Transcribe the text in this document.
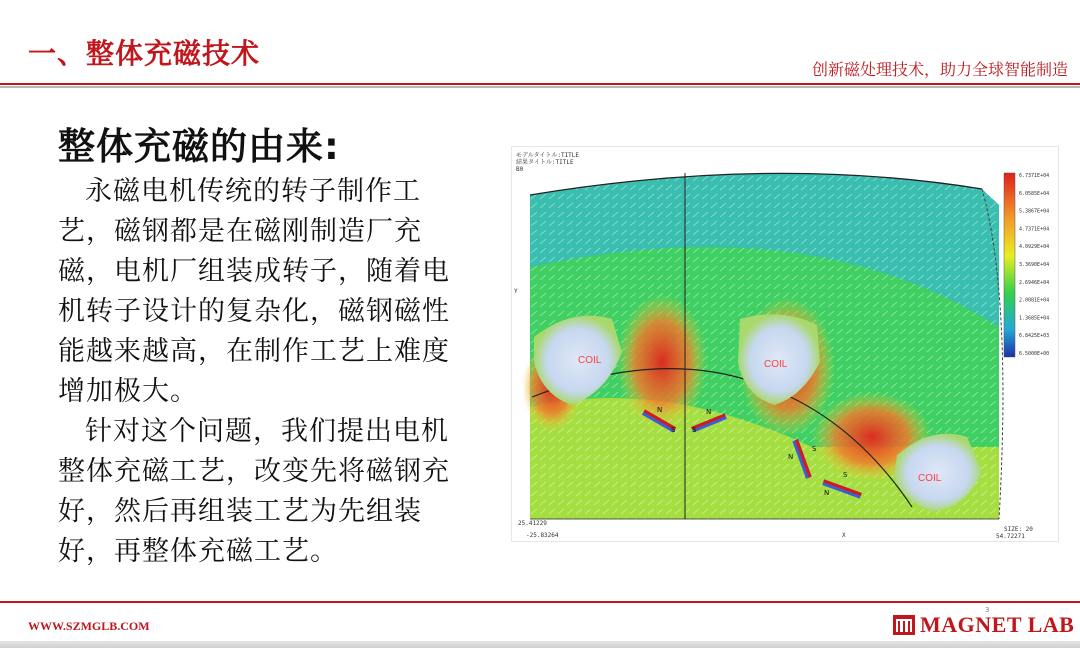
一、整体充磁技术	创新磁处理技术，助力全球智能制造
整体充磁的由来:

永磁电机传统的转子制作工艺，磁钢都是在磁刚制造厂充磁，电机厂组装成转子，随着电机转子设计的复杂化，磁钢磁性能越来越高，在制作工艺上难度增加极大。

针对这个问题，我们提出电机整体充磁工艺，改变先将磁钢充好，然后再组装工艺为先组装好，再整体充磁工艺。

モデルタイトル:TITLE
結果タイトル:TITLE
B0
COIL	COIL
COIL
N
S
N
S
N
S
N
S
Y
X
25.41229
-25.83264
SIZE: 20
54.72271
6.7371E+04
6.0585E+04
5.3867E+04
4.7371E+04
4.0929E+04
3.3690E+04
2.6946E+04
2.0081E+04
1.3685E+04
6.8425E+03
6.5000E+00
WWW.SZMGLB.COM
3
MAGNET LAB
